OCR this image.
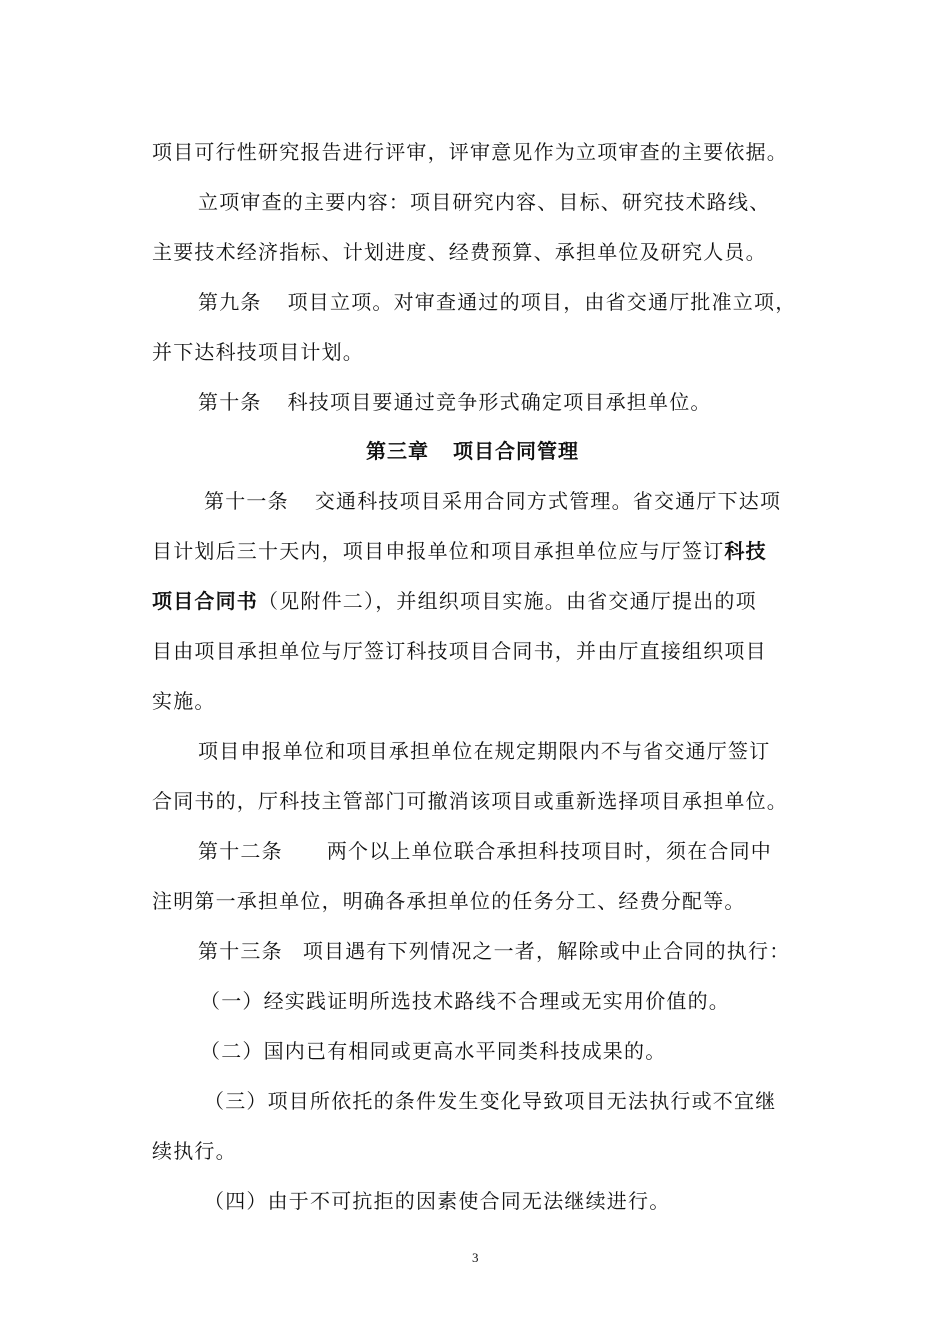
项目可行性研究报告进行评审，评审意见作为立项审查的主要依据。
立项审查的主要内容：项目研究内容、目标、研究技术路线、
主要技术经济指标、计划进度、经费预算、承担单位及研究人员。
第九条 项目立项。对审查通过的项目，由省交通厅批准立项，
并下达科技项目计划。
第十条 科技项目要通过竞争形式确定项目承担单位。
第三章 项目合同管理
第十一条 交通科技项目采用合同方式管理。省交通厅下达项
目计划后三十天内，项目申报单位和项目承担单位应与厅签订科技
项目合同书（见附件二），并组织项目实施。由省交通厅提出的项
目由项目承担单位与厅签订科技项目合同书，并由厅直接组织项目
实施。
项目申报单位和项目承担单位在规定期限内不与省交通厅签订
合同书的，厅科技主管部门可撤消该项目或重新选择项目承担单位。
第十二条 两个以上单位联合承担科技项目时，须在合同中
注明第一承担单位，明确各承担单位的任务分工、经费分配等。
第十三条 项目遇有下列情况之一者，解除或中止合同的执行：
（一）经实践证明所选技术路线不合理或无实用价值的。
（二）国内已有相同或更高水平同类科技成果的。
（三）项目所依托的条件发生变化导致项目无法执行或不宜继
续执行。
（四）由于不可抗拒的因素使合同无法继续进行。
3
